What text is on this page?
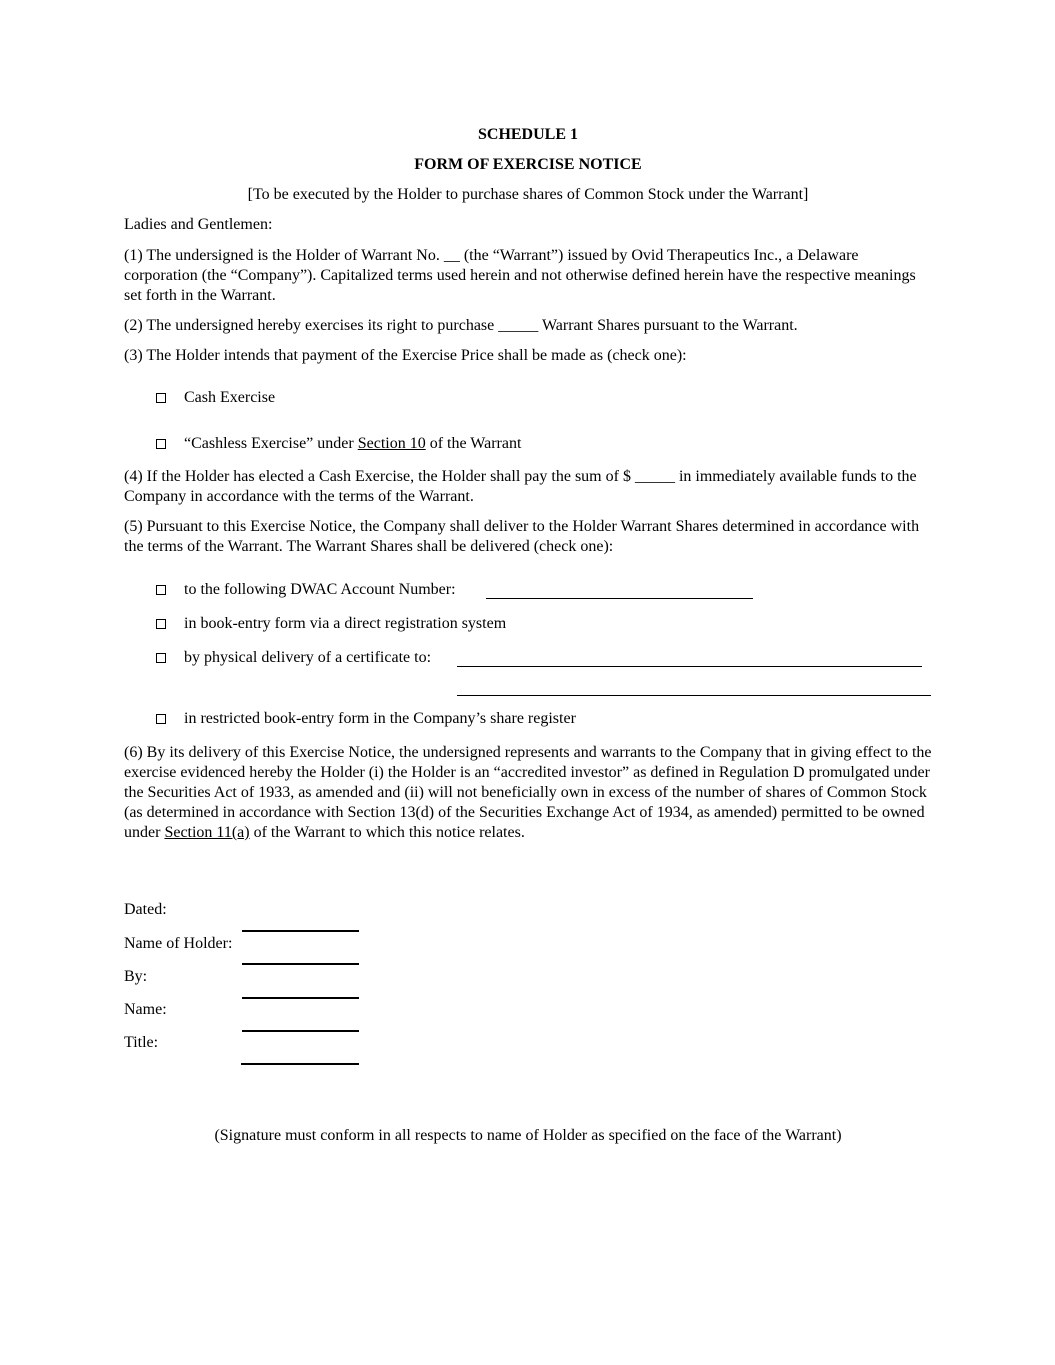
SCHEDULE 1
FORM OF EXERCISE NOTICE
[To be executed by the Holder to purchase shares of Common Stock under the Warrant]
Ladies and Gentlemen:
(1) The undersigned is the Holder of Warrant No. __ (the “Warrant”) issued by Ovid Therapeutics Inc., a Delaware corporation (the “Company”). Capitalized terms used herein and not otherwise defined herein have the respective meanings set forth in the Warrant.
(2) The undersigned hereby exercises its right to purchase _____ Warrant Shares pursuant to the Warrant.
(3) The Holder intends that payment of the Exercise Price shall be made as (check one):
Cash Exercise
“Cashless Exercise” under Section 10 of the Warrant
(4) If the Holder has elected a Cash Exercise, the Holder shall pay the sum of $ _____ in immediately available funds to the Company in accordance with the terms of the Warrant.
(5) Pursuant to this Exercise Notice, the Company shall deliver to the Holder Warrant Shares determined in accordance with the terms of the Warrant. The Warrant Shares shall be delivered (check one):
to the following DWAC Account Number:
in book-entry form via a direct registration system
by physical delivery of a certificate to:
in restricted book-entry form in the Company’s share register
(6) By its delivery of this Exercise Notice, the undersigned represents and warrants to the Company that in giving effect to the exercise evidenced hereby the Holder (i) the Holder is an “accredited investor” as defined in Regulation D promulgated under the Securities Act of 1933, as amended and (ii) will not beneficially own in excess of the number of shares of Common Stock (as determined in accordance with Section 13(d) of the Securities Exchange Act of 1934, as amended) permitted to be owned under Section 11(a) of the Warrant to which this notice relates.
Dated:
Name of Holder:
By:
Name:
Title:
(Signature must conform in all respects to name of Holder as specified on the face of the Warrant)
